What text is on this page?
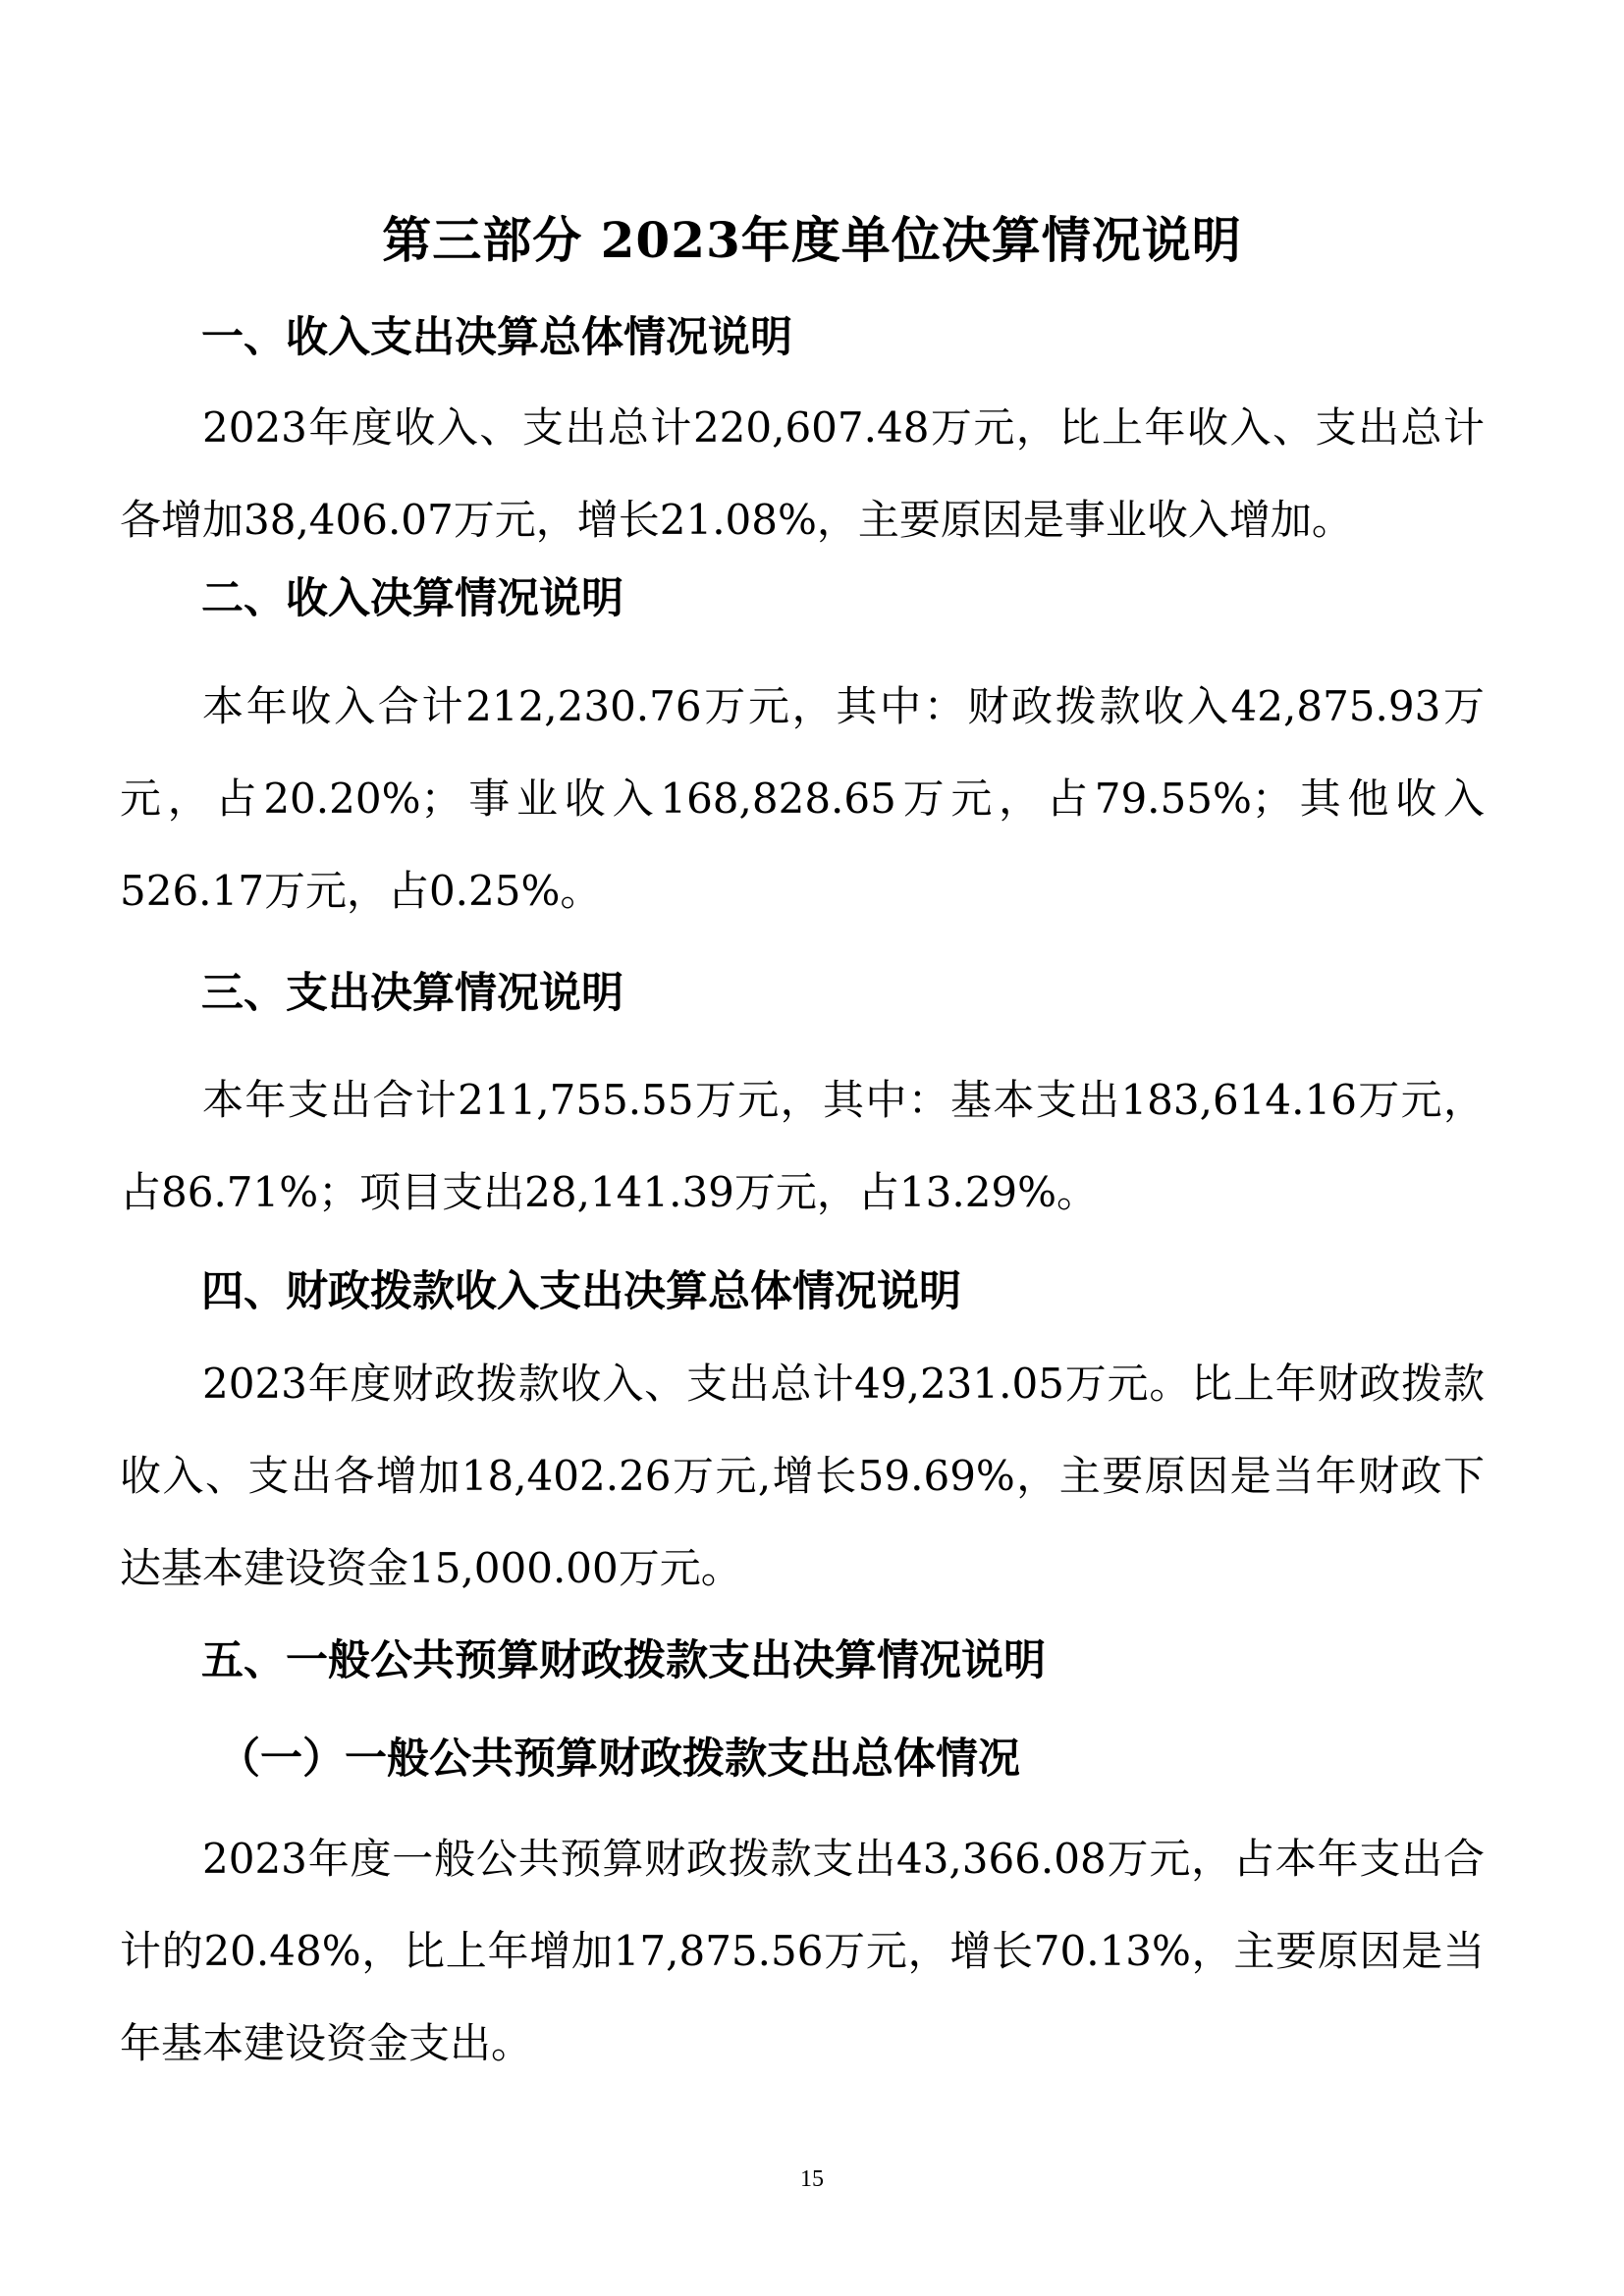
第三部分 2023年度单位决算情况说明
一、收入支出决算总体情况说明
2023年度收入、支出总计220,607.48万元，比上年收入、支出总计各增加38,406.07万元，增长21.08%，主要原因是事业收入增加。
二、收入决算情况说明
本年收入合计212,230.76万元，其中：财政拨款收入42,875.93万元，占20.20%；事业收入168,828.65万元，占79.55%；其他收入526.17万元，占0.25%。
三、支出决算情况说明
本年支出合计211,755.55万元，其中：基本支出183,614.16万元，占86.71%；项目支出28,141.39万元，占13.29%。
四、财政拨款收入支出决算总体情况说明
2023年度财政拨款收入、支出总计49,231.05万元。比上年财政拨款收入、支出各增加18,402.26万元,增长59.69%，主要原因是当年财政下达基本建设资金15,000.00万元。
五、一般公共预算财政拨款支出决算情况说明
（一）一般公共预算财政拨款支出总体情况
2023年度一般公共预算财政拨款支出43,366.08万元，占本年支出合计的20.48%，比上年增加17,875.56万元，增长70.13%，主要原因是当年基本建设资金支出。
15
